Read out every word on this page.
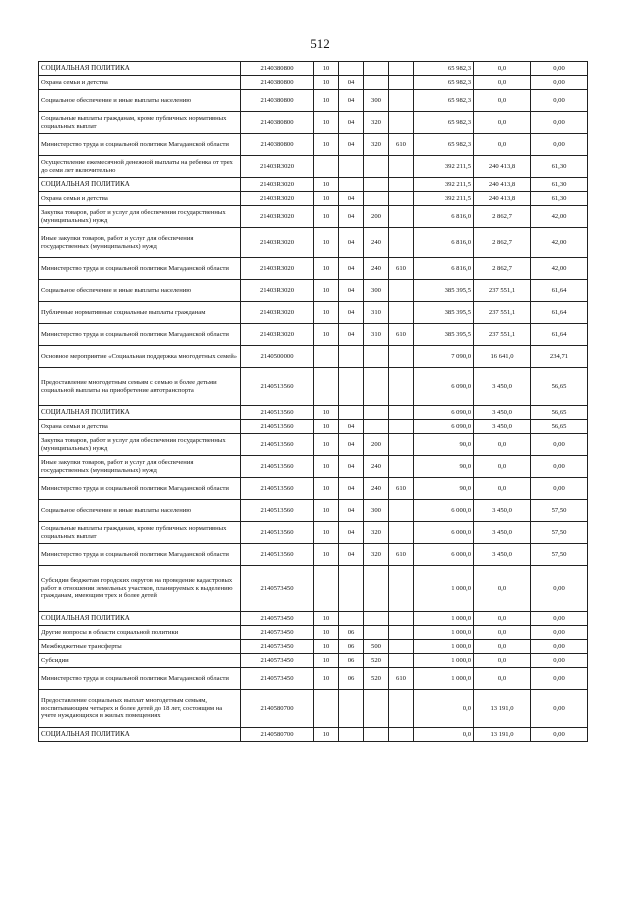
512
СОЦИАЛЬНАЯ ПОЛИТИКА	2140380800	10				65 982,3	0,0	0,00
Охрана семьи и детства	2140380800	10	04			65 982,3	0,0	0,00
Социальное обеспечение и иные выплаты населению	2140380800	10	04	300		65 982,3	0,0	0,00
Социальные выплаты гражданам, кроме публичных нормативных социальных выплат	2140380800	10	04	320		65 982,3	0,0	0,00
Министерство труда и социальной политики Магаданской области	2140380800	10	04	320	610	65 982,3	0,0	0,00
Осуществление ежемесячной денежной выплаты на ребенка от трех до семи лет включительно	21403R3020					392 211,5	240 413,8	61,30
СОЦИАЛЬНАЯ ПОЛИТИКА	21403R3020	10				392 211,5	240 413,8	61,30
Охрана семьи и детства	21403R3020	10	04			392 211,5	240 413,8	61,30
Закупка товаров, работ и услуг для обеспечения государственных (муниципальных) нужд	21403R3020	10	04	200		6 816,0	2 862,7	42,00
Иные закупки товаров, работ и услуг для обеспечения государственных (муниципальных) нужд	21403R3020	10	04	240		6 816,0	2 862,7	42,00
Министерство труда и социальной политики Магаданской области	21403R3020	10	04	240	610	6 816,0	2 862,7	42,00
Социальное обеспечение и иные выплаты населению	21403R3020	10	04	300		385 395,5	237 551,1	61,64
Публичные нормативные социальные выплаты гражданам	21403R3020	10	04	310		385 395,5	237 551,1	61,64
Министерство труда и социальной политики Магаданской области	21403R3020	10	04	310	610	385 395,5	237 551,1	61,64
Основное мероприятие «Социальная поддержка многодетных семей»	2140500000					7 090,0	16 641,0	234,71
Предоставление многодетным семьям с семью и более детьми социальной выплаты на приобретение автотранспорта	2140513560					6 090,0	3 450,0	56,65
СОЦИАЛЬНАЯ ПОЛИТИКА	2140513560	10				6 090,0	3 450,0	56,65
Охрана семьи и детства	2140513560	10	04			6 090,0	3 450,0	56,65
Закупка товаров, работ и услуг для обеспечения государственных (муниципальных) нужд	2140513560	10	04	200		90,0	0,0	0,00
Иные закупки товаров, работ и услуг для обеспечения государственных (муниципальных) нужд	2140513560	10	04	240		90,0	0,0	0,00
Министерство труда и социальной политики Магаданской области	2140513560	10	04	240	610	90,0	0,0	0,00
Социальное обеспечение и иные выплаты населению	2140513560	10	04	300		6 000,0	3 450,0	57,50
Социальные выплаты гражданам, кроме публичных нормативных социальных выплат	2140513560	10	04	320		6 000,0	3 450,0	57,50
Министерство труда и социальной политики Магаданской области	2140513560	10	04	320	610	6 000,0	3 450,0	57,50
Субсидии бюджетам городских округов на проведение кадастровых работ в отношении земельных участков, планируемых к выделению гражданам, имеющим трех и более детей	2140573450					1 000,0	0,0	0,00
СОЦИАЛЬНАЯ ПОЛИТИКА	2140573450	10				1 000,0	0,0	0,00
Другие вопросы в области социальной политики	2140573450	10	06			1 000,0	0,0	0,00
Межбюджетные трансферты	2140573450	10	06	500		1 000,0	0,0	0,00
Субсидии	2140573450	10	06	520		1 000,0	0,0	0,00
Министерство труда и социальной политики Магаданской области	2140573450	10	06	520	610	1 000,0	0,0	0,00
Предоставление социальных выплат многодетным семьям, воспитывающим четырех и более детей до 18 лет, состоящим на учете нуждающихся в жилых помещениях	2140580700					0,0	13 191,0	0,00
СОЦИАЛЬНАЯ ПОЛИТИКА	2140580700	10				0,0	13 191,0	0,00
